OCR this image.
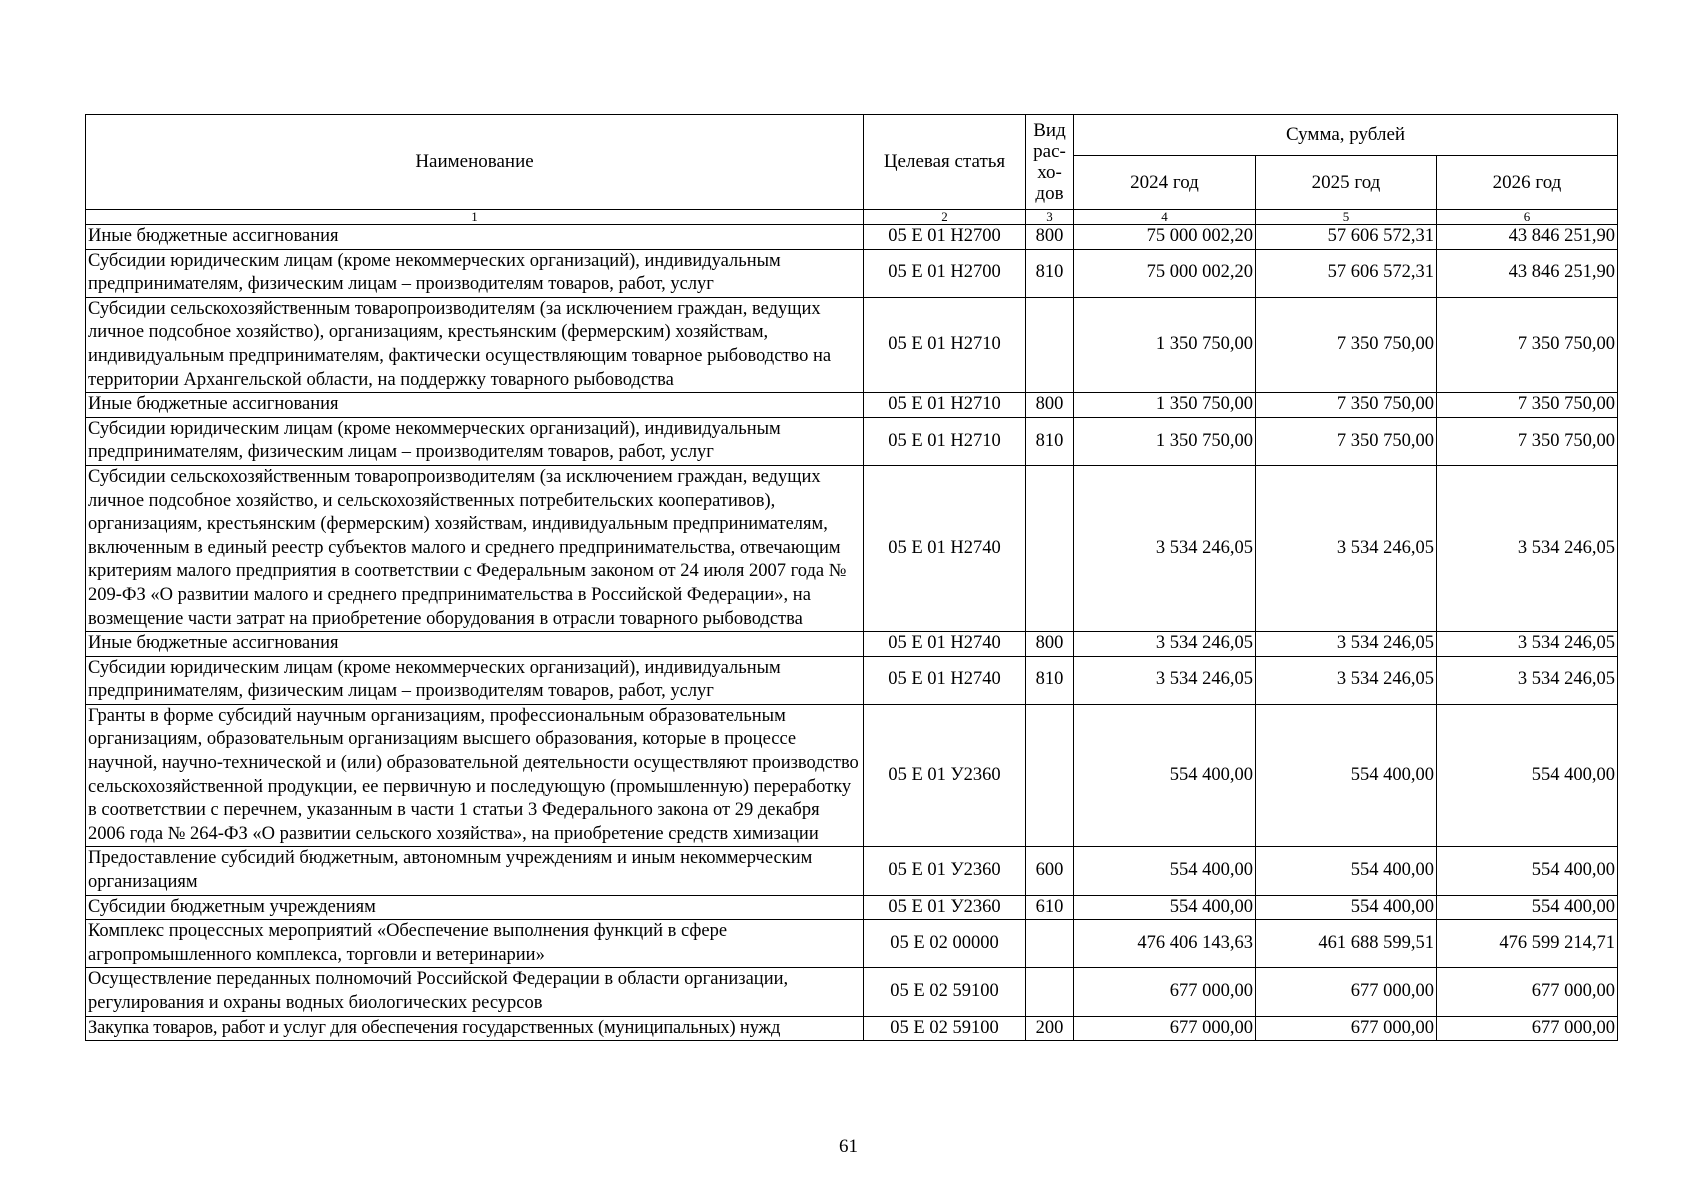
Наименование	Целевая статья	Вид рас- хо- дов	Сумма, рублей		
			2024 год	2025 год	2026 год
1	2	3	4	5	6
Иные бюджетные ассигнования	05 Е 01 Н2700	800	75 000 002,20	57 606 572,31	43 846 251,90
Субсидии юридическим лицам (кроме некоммерческих организаций), индивидуальным предпринимателям, физическим лицам – производителям товаров, работ, услуг	05 Е 01 Н2700	810	75 000 002,20	57 606 572,31	43 846 251,90
Субсидии сельскохозяйственным товаропроизводителям (за исключением граждан, ведущих личное подсобное хозяйство), организациям, крестьянским (фермерским) хозяйствам, индивидуальным предпринимателям, фактически осуществляющим товарное рыбоводство на территории Архангельской области, на поддержку товарного рыбоводства	05 Е 01 Н2710		1 350 750,00	7 350 750,00	7 350 750,00
Иные бюджетные ассигнования	05 Е 01 Н2710	800	1 350 750,00	7 350 750,00	7 350 750,00
Субсидии юридическим лицам (кроме некоммерческих организаций), индивидуальным предпринимателям, физическим лицам – производителям товаров, работ, услуг	05 Е 01 Н2710	810	1 350 750,00	7 350 750,00	7 350 750,00
Субсидии сельскохозяйственным товаропроизводителям (за исключением граждан, ведущих личное подсобное хозяйство, и сельскохозяйственных потребительских кооперативов), организациям, крестьянским (фермерским) хозяйствам, индивидуальным предпринимателям, включенным в единый реестр субъектов малого и среднего предпринимательства, отвечающим критериям малого предприятия в соответствии с Федеральным законом от 24 июля 2007 года № 209-ФЗ «О развитии малого и среднего предпринимательства в Российской Федерации», на возмещение части затрат на приобретение оборудования в отрасли товарного рыбоводства	05 Е 01 Н2740		3 534 246,05	3 534 246,05	3 534 246,05
Иные бюджетные ассигнования	05 Е 01 Н2740	800	3 534 246,05	3 534 246,05	3 534 246,05
Субсидии юридическим лицам (кроме некоммерческих организаций), индивидуальным предпринимателям, физическим лицам – производителям товаров, работ, услуг	05 Е 01 Н2740	810	3 534 246,05	3 534 246,05	3 534 246,05
Гранты в форме субсидий научным организациям, профессиональным образовательным организациям, образовательным организациям высшего образования, которые в процессе научной, научно-технической и (или) образовательной деятельности осуществляют производство сельскохозяйственной продукции, ее первичную и последующую (промышленную) переработку в соответствии с перечнем, указанным в части 1 статьи 3 Федерального закона от 29 декабря 2006 года № 264-ФЗ «О развитии сельского хозяйства», на приобретение средств химизации	05 Е 01 У2360		554 400,00	554 400,00	554 400,00
Предоставление субсидий бюджетным, автономным учреждениям и иным некоммерческим организациям	05 Е 01 У2360	600	554 400,00	554 400,00	554 400,00
Субсидии бюджетным учреждениям	05 Е 01 У2360	610	554 400,00	554 400,00	554 400,00
Комплекс процессных мероприятий «Обеспечение выполнения функций в сфере агропромышленного комплекса, торговли и ветеринарии»	05 Е 02 00000		476 406 143,63	461 688 599,51	476 599 214,71
Осуществление переданных полномочий Российской Федерации в области организации, регулирования и охраны водных биологических ресурсов	05 Е 02 59100		677 000,00	677 000,00	677 000,00
Закупка товаров, работ и услуг для обеспечения государственных (муниципальных) нужд	05 Е 02 59100	200	677 000,00	677 000,00	677 000,00
61
